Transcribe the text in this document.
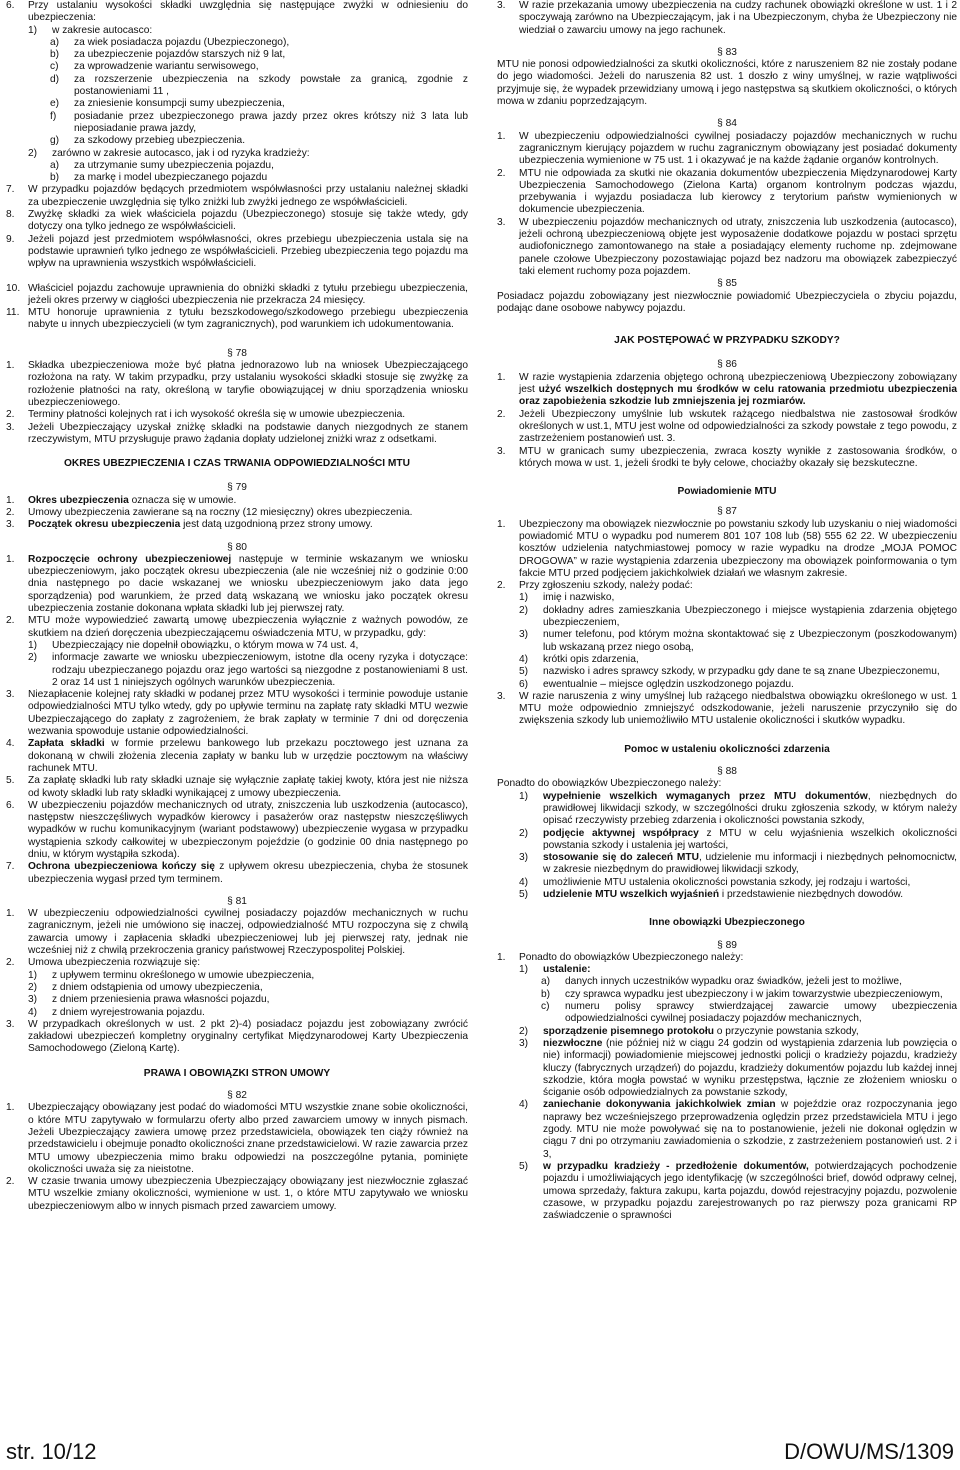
6.	Przy ustalaniu wysokości składki uwzględnia się następujące zwyżki w odniesieniu do ubezpieczenia:
1)	w zakresie autocasco:
a)	za wiek posiadacza pojazdu (Ubezpieczonego),
b)	za ubezpieczenie pojazdów starszych niż 9 lat,
c)	za wprowadzenie wariantu serwisowego,
d)	za rozszerzenie ubezpieczenia na szkody powstałe za granicą, zgodnie z postanowieniami 11 ,
e)	za zniesienie konsumpcji sumy ubezpieczenia,
f)	posiadanie przez ubezpieczonego prawa jazdy przez okres krótszy niż 3 lata lub nieposiadanie prawa jazdy,
g)	za szkodowy przebieg ubezpieczenia.
2)	zarówno w zakresie autocasco, jak i od ryzyka kradzieży:
a)	za utrzymanie sumy ubezpieczenia pojazdu,
b)	za markę i model ubezpieczanego pojazdu
7.	W przypadku pojazdów będących przedmiotem współwłasności przy ustalaniu należnej składki za ubezpieczenie uwzględnia się tylko zniżki lub zwyżki jednego ze współwłaścicieli.
8.	Zwyżkę składki za wiek właściciela pojazdu (Ubezpieczonego) stosuje się także wtedy, gdy dotyczy ona tylko jednego ze współwłaścicieli.
9.	Jeżeli pojazd jest przedmiotem współwłasności, okres przebiegu ubezpieczenia ustala się na podstawie uprawnień tylko jednego ze współwłaścicieli. Przebieg ubezpieczenia tego pojazdu ma wpływ na uprawnienia wszystkich współwłaścicieli.
10. Właściciel pojazdu zachowuje uprawnienia do obniżki składki z tytułu przebiegu ubezpieczenia, jeżeli okres przerwy w ciągłości ubezpieczenia nie przekracza 24 miesięcy.
11. MTU honoruje uprawnienia z tytułu bezszkodowego/szkodowego przebiegu ubezpieczenia nabyte u innych ubezpieczycieli (w tym zagranicznych), pod warunkiem ich udokumentowania.

§ 78

1.	Składka ubezpieczeniowa może być płatna jednorazowo lub na wniosek Ubezpieczającego rozłożona na raty. W takim przypadku, przy ustalaniu wysokości składki stosuje się zwyżkę za rozłożenie płatności na raty, określoną w taryfie obowiązującej w dniu sporządzenia wniosku ubezpieczeniowego.
2.	Terminy płatności kolejnych rat i ich wysokość określa się w umowie ubezpieczenia.
3.	Jeżeli Ubezpieczający uzyskał zniżkę składki na podstawie danych niezgodnych ze stanem rzeczywistym, MTU przysługuje prawo żądania dopłaty udzielonej zniżki wraz z odsetkami.

OKRES UBEZPIECZENIA I CZAS TRWANIA ODPOWIEDZIALNOŚCI MTU

§ 79

1.	Okres ubezpieczenia oznacza się w umowie.
2.	Umowy ubezpieczenia zawierane są na roczny (12 miesięczny) okres ubezpieczenia.
3.	Początek okresu ubezpieczenia jest datą uzgodnioną przez strony umowy.

§ 80

1.	Rozpoczęcie ochrony ubezpieczeniowej następuje w terminie wskazanym we wniosku ubezpieczeniowym, jako początek okresu ubezpieczenia (ale nie wcześniej niż o godzinie 0:00 dnia następnego po dacie wskazanej we wniosku ubezpieczeniowym jako data jego sporządzenia) pod warunkiem, że przed datą wskazaną we wniosku jako początek okresu ubezpieczenia zostanie dokonana wpłata składki lub jej pierwszej raty.
2.	MTU może wypowiedzieć zawartą umowę ubezpieczenia wyłącznie z ważnych powodów, ze skutkiem na dzień doręczenia ubezpieczającemu oświadczenia MTU, w przypadku, gdy:
1)	Ubezpieczający nie dopełnił obowiązku, o którym mowa w 74 ust. 4,
2)	informacje zawarte we wniosku ubezpieczeniowym, istotne dla oceny ryzyka i dotyczące: rodzaju ubezpieczanego pojazdu oraz jego wartości są niezgodne z postanowieniami 8 ust. 2 oraz 14 ust 1 niniejszych ogólnych warunków ubezpieczenia.
3.	Niezapłacenie kolejnej raty składki w podanej przez MTU wysokości i terminie powoduje ustanie odpowiedzialności MTU tylko wtedy, gdy po upływie terminu na zapłatę raty składki MTU wezwie Ubezpieczającego do zapłaty z zagrożeniem, że brak zapłaty w terminie 7 dni od doręczenia wezwania spowoduje ustanie odpowiedzialności.
4.	Zapłata składki w formie przelewu bankowego lub przekazu pocztowego jest uznana za dokonaną w chwili złożenia zlecenia zapłaty w banku lub w urzędzie pocztowym na właściwy rachunek MTU.
5.	Za zapłatę składki lub raty składki uznaje się wyłącznie zapłatę takiej kwoty, która jest nie niższa od kwoty składki lub raty składki wynikającej z umowy ubezpieczenia.
6.	W ubezpieczeniu pojazdów mechanicznych od utraty, zniszczenia lub uszkodzenia (autocasco), następstw nieszczęśliwych wypadków kierowcy i pasażerów oraz następstw nieszczęśliwych wypadków w ruchu komunikacyjnym (wariant podstawowy) ubezpieczenie wygasa w przypadku wystąpienia szkody całkowitej w ubezpieczonym pojeździe (o godzinie 00 dnia następnego po dniu, w którym wystąpiła szkoda).
7.	Ochrona ubezpieczeniowa kończy się z upływem okresu ubezpieczenia, chyba że stosunek ubezpieczenia wygasł przed tym terminem.

§ 81

1.	W ubezpieczeniu odpowiedzialności cywilnej posiadaczy pojazdów mechanicznych w ruchu zagranicznym, jeżeli nie umówiono się inaczej, odpowiedzialność MTU rozpoczyna się z chwilą zawarcia umowy i zapłacenia składki ubezpieczeniowej lub jej pierwszej raty, jednak nie wcześniej niż z chwilą przekroczenia granicy państwowej Rzeczypospolitej Polskiej.
2.	Umowa ubezpieczenia rozwiązuje się:
1)	z upływem terminu określonego w umowie ubezpieczenia,
2)	z dniem odstąpienia od umowy ubezpieczenia,
3)	z dniem przeniesienia prawa własności pojazdu,
4)	z dniem wyrejestrowania pojazdu.
3.	W przypadkach określonych w ust. 2 pkt 2)-4) posiadacz pojazdu jest zobowiązany zwrócić zakładowi ubezpieczeń kompletny oryginalny certyfikat Międzynarodowej Karty Ubezpieczenia Samochodowego (Zieloną Kartę).

PRAWA I OBOWIĄZKI STRON UMOWY

§ 82

1.	Ubezpieczający obowiązany jest podać do wiadomości MTU wszystkie znane sobie okoliczności, o które MTU zapytywało w formularzu oferty albo przed zawarciem umowy w innych pismach. Jeżeli Ubezpieczający zawiera umowę przez przedstawiciela, obowiązek ten ciąży również na przedstawicielu i obejmuje ponadto okoliczności znane przedstawicielowi. W razie zawarcia przez MTU umowy ubezpieczenia mimo braku odpowiedzi na poszczególne pytania, pominięte okoliczności uważa się za nieistotne.
2.	W czasie trwania umowy ubezpieczenia Ubezpieczający obowiązany jest niezwłocznie zgłaszać MTU wszelkie zmiany okoliczności, wymienione w ust. 1, o które MTU zapytywało we wniosku ubezpieczeniowym albo w innych pismach przed zawarciem umowy.
3.	W razie przekazania umowy ubezpieczenia na cudzy rachunek obowiązki określone w ust. 1 i 2 spoczywają zarówno na Ubezpieczającym, jak i na Ubezpieczonym, chyba że Ubezpieczony nie wiedział o zawarciu umowy na jego rachunek.

§ 83

MTU nie ponosi odpowiedzialności za skutki okoliczności, które z naruszeniem 82 nie zostały podane do jego wiadomości. Jeżeli do naruszenia 82 ust. 1 doszło z winy umyślnej, w razie wątpliwości przyjmuje się, że wypadek przewidziany umową i jego następstwa są skutkiem okoliczności, o których mowa w zdaniu poprzedzającym.

§ 84

1.	W ubezpieczeniu odpowiedzialności cywilnej posiadaczy pojazdów mechanicznych w ruchu zagranicznym kierujący pojazdem w ruchu zagranicznym obowiązany jest posiadać dokumenty ubezpieczenia wymienione w 75 ust. 1 i okazywać je na każde żądanie organów kontrolnych.
2.	MTU nie odpowiada za skutki nie okazania dokumentów ubezpieczenia Międzynarodowej Karty Ubezpieczenia Samochodowego (Zielona Karta) organom kontrolnym podczas wjazdu, przebywania i wyjazdu posiadacza lub kierowcy z terytorium państw wymienionych w dokumencie ubezpieczenia.
3.	W ubezpieczeniu pojazdów mechanicznych od utraty, zniszczenia lub uszkodzenia (autocasco), jeżeli ochroną ubezpieczeniową objęte jest wyposażenie dodatkowe pojazdu w postaci sprzętu audiofonicznego zamontowanego na stałe a posiadający elementy ruchome np. zdejmowane panele czołowe Ubezpieczony pozostawiając pojazd bez nadzoru ma obowiązek zabezpieczyć taki element ruchomy poza pojazdem.

§ 85

Posiadacz pojazdu zobowiązany jest niezwłocznie powiadomić Ubezpieczyciela o zbyciu pojazdu, podając dane osobowe nabywcy pojazdu.

JAK POSTĘPOWAĆ W PRZYPADKU SZKODY?

§ 86

1.	W razie wystąpienia zdarzenia objętego ochroną ubezpieczeniową Ubezpieczony zobowiązany jest użyć wszelkich dostępnych mu środków w celu ratowania przedmiotu ubezpieczenia oraz zapobieżenia szkodzie lub zmniejszenia jej rozmiarów.
2.	Jeżeli Ubezpieczony umyślnie lub wskutek rażącego niedbalstwa nie zastosował środków określonych w ust.1, MTU jest wolne od odpowiedzialności za szkody powstałe z tego powodu, z zastrzeżeniem postanowień ust. 3.
3.	MTU w granicach sumy ubezpieczenia, zwraca koszty wynikłe z zastosowania środków, o których mowa w ust. 1, jeżeli środki te były celowe, chociażby okazały się bezskuteczne.

Powiadomienie MTU

§ 87

1.	Ubezpieczony ma obowiązek niezwłocznie po powstaniu szkody lub uzyskaniu o niej wiadomości powiadomić MTU o wypadku pod numerem 801 107 108 lub (58) 555 62 22. W ubezpieczeniu kosztów udzielenia natychmiastowej pomocy w razie wypadku na drodze „MOJA POMOC DROGOWA” w razie wystąpienia zdarzenia ubezpieczony ma obowiązek poinformowania o tym fakcie MTU przed podjęciem jakichkolwiek działań we własnym zakresie.
2.	Przy zgłoszeniu szkody, należy podać:
1)	imię i nazwisko,
2)	dokładny adres zamieszkania Ubezpieczonego i miejsce wystąpienia zdarzenia objętego ubezpieczeniem,
3)	numer telefonu, pod którym można skontaktować się z Ubezpieczonym (poszkodowanym) lub wskazaną przez niego osobą,
4)	krótki opis zdarzenia,
5)	nazwisko i adres sprawcy szkody, w przypadku gdy dane te są znane Ubezpieczonemu,
6)	ewentualnie – miejsce oględzin uszkodzonego pojazdu.
3.	W razie naruszenia z winy umyślnej lub rażącego niedbalstwa obowiązku określonego w ust. 1 MTU może odpowiednio zmniejszyć odszkodowanie, jeżeli naruszenie przyczyniło się do zwiększenia szkody lub uniemożliwiło MTU ustalenie okoliczności i skutków wypadku.

Pomoc w ustaleniu okoliczności zdarzenia

§ 88

Ponadto do obowiązków Ubezpieczonego należy:

1)	wypełnienie wszelkich wymaganych przez MTU dokumentów, niezbędnych do prawidłowej likwidacji szkody, w szczególności druku zgłoszenia szkody, w którym należy opisać rzeczywisty przebieg zdarzenia i okoliczności powstania szkody,
2)	podjęcie aktywnej współpracy z MTU w celu wyjaśnienia wszelkich okoliczności powstania szkody i ustalenia jej wartości,
3)	stosowanie się do zaleceń MTU, udzielenie mu informacji i niezbędnych pełnomocnictw, w zakresie niezbędnym do prawidłowej likwidacji szkody,
4)	umożliwienie MTU ustalenia okoliczności powstania szkody, jej rodzaju i wartości,
5)	udzielenie MTU wszelkich wyjaśnień i przedstawienie niezbędnych dowodów.

Inne obowiązki Ubezpieczonego

§ 89

1.	Ponadto do obowiązków Ubezpieczonego należy:
1)	ustalenie:
a)	danych innych uczestników wypadku oraz świadków, jeżeli jest to możliwe,
b)	czy sprawca wypadku jest ubezpieczony i w jakim towarzystwie ubezpieczeniowym,
c)	numeru polisy sprawcy stwierdzającej zawarcie umowy ubezpieczenia odpowiedzialności cywilnej posiadaczy pojazdów mechanicznych,
2)	sporządzenie pisemnego protokołu o przyczynie powstania szkody,
3)	niezwłoczne (nie później niż w ciągu 24 godzin od wystąpienia zdarzenia lub powzięcia o nie) informacji) powiadomienie miejscowej jednostki policji o kradzieży pojazdu, kradzieży kluczy (fabrycznych urządzeń) do pojazdu, kradzieży dokumentów pojazdu lub każdej innej szkodzie, która mogła powstać w wyniku przestępstwa, łącznie ze złożeniem wniosku o ściganie osób odpowiedzialnych za powstanie szkody,
4)	zaniechanie dokonywania jakichkolwiek zmian w pojeździe oraz rozpoczynania jego naprawy bez wcześniejszego przeprowadzenia oględzin przez przedstawiciela MTU i jego zgody. MTU nie może powoływać się na to postanowienie, jeżeli nie dokonał oględzin w ciągu 7 dni po otrzymaniu zawiadomienia o szkodzie, z zastrzeżeniem postanowień ust. 2 i 3,
5)	w przypadku kradzieży - przedłożenie dokumentów, potwierdzających pochodzenie pojazdu i umożliwiających jego identyfikację (w szczególności brief, dowód odprawy celnej, umowa sprzedaży, faktura zakupu, karta pojazdu, dowód rejestracyjny pojazdu, pozwolenie czasowe, w przypadku pojazdu zarejestrowanych po raz pierwszy poza granicami RP zaświadczenie o sprawności
str. 10/12	D/OWU/MS/1309
